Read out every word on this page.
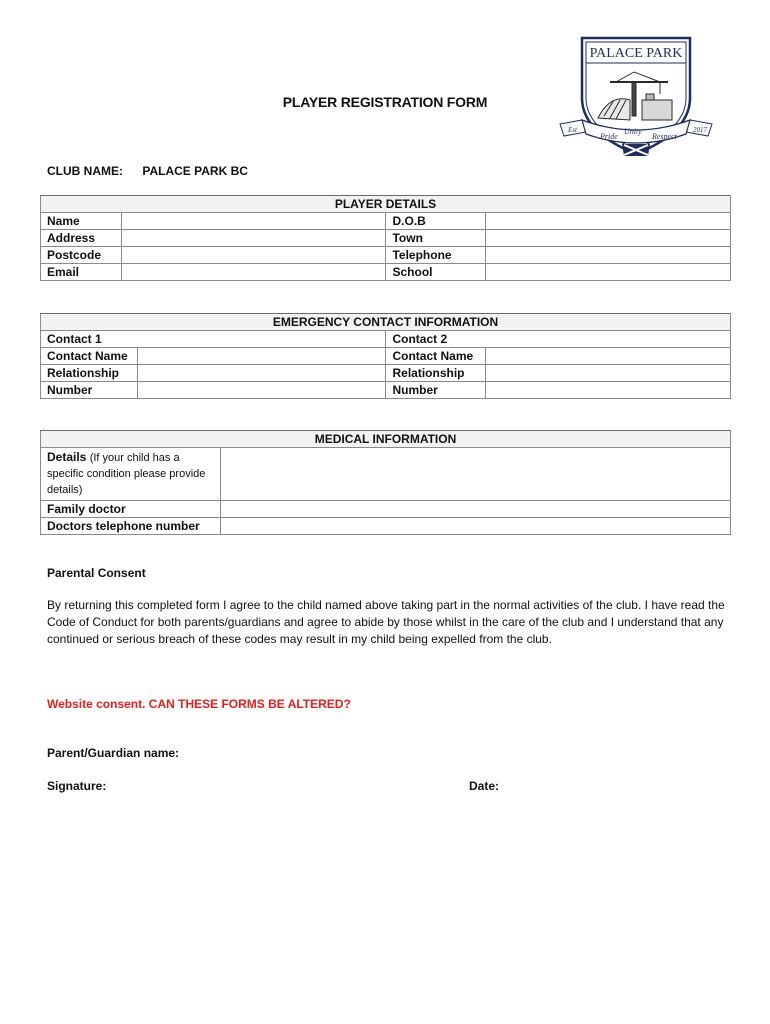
PALACE PARK
Est	2017
Pride
Unity
Respect
PLAYER REGISTRATION FORM
CLUB NAME: PALACE PARK BC
PLAYER DETAILS			
Name		D.O.B	
Address		Town	
Postcode		Telephone	
Email		School	
EMERGENCY CONTACT INFORMATION			
Contact 1		Contact 2	
Contact Name		Contact Name	
Relationship		Relationship	
Number		Number	
MEDICAL INFORMATION	
Details (If your child has a specific condition please provide details)	
Family doctor	
Doctors telephone number	
Parental Consent
By returning this completed form I agree to the child named above taking part in the normal activities of the club. I have read the Code of Conduct for both parents/guardians and agree to abide by those whilst in the care of the club and I understand that any continued or serious breach of these codes may result in my child being expelled from the club.
Website consent. CAN THESE FORMS BE ALTERED?
Parent/Guardian name:
Signature:	Date:
